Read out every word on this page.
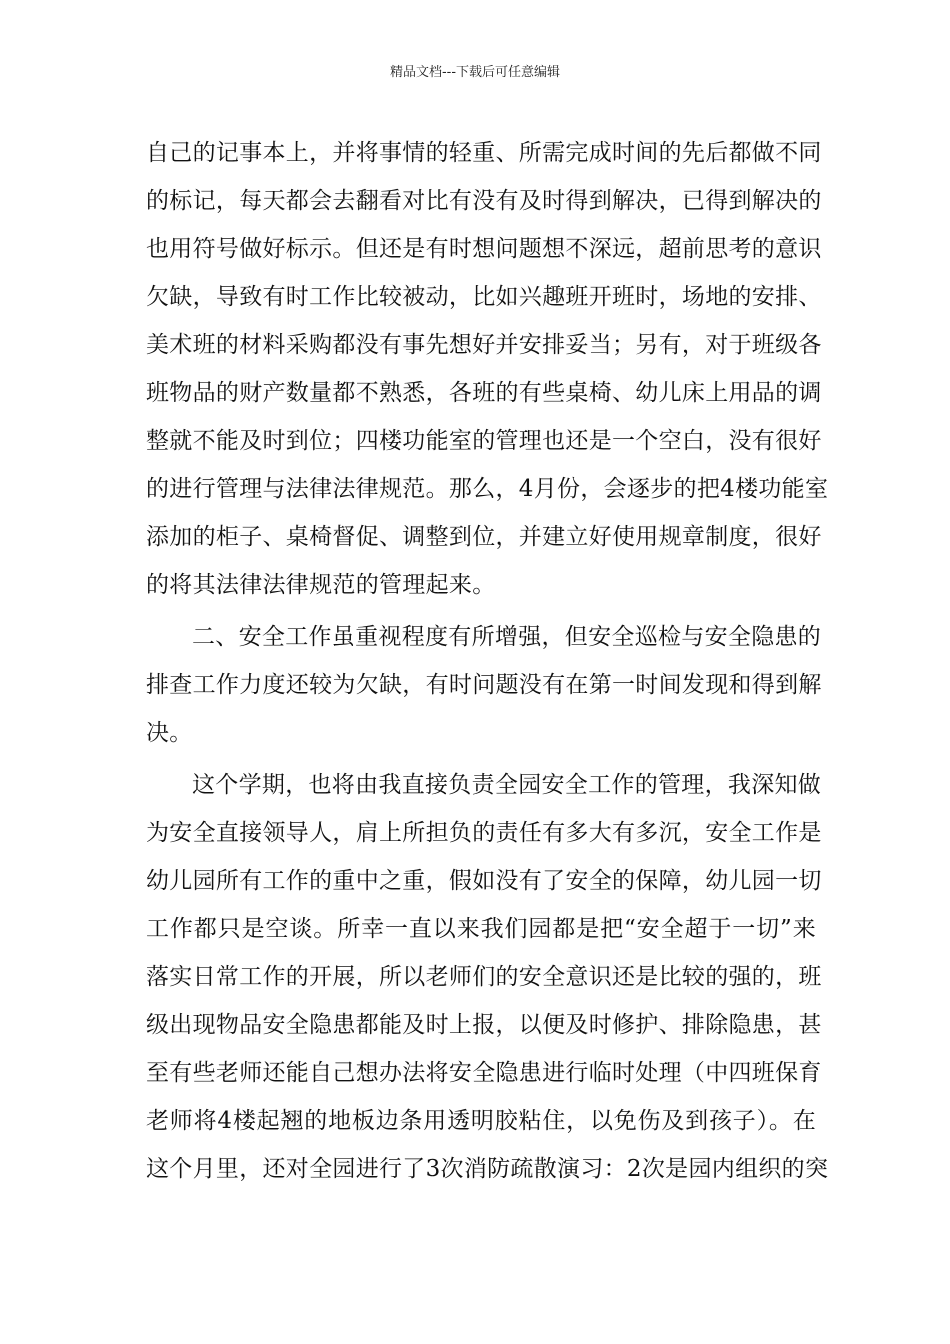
精品文档---下载后可任意编辑
自己的记事本上，并将事情的轻重、所需完成时间的先后都做不同
的标记，每天都会去翻看对比有没有及时得到解决，已得到解决的
也用符号做好标示。但还是有时想问题想不深远，超前思考的意识
欠缺，导致有时工作比较被动，比如兴趣班开班时，场地的安排、
美术班的材料采购都没有事先想好并安排妥当；另有，对于班级各
班物品的财产数量都不熟悉，各班的有些桌椅、幼儿床上用品的调
整就不能及时到位；四楼功能室的管理也还是一个空白，没有很好
的进行管理与法律法律规范。那么，4月份，会逐步的把4楼功能室
添加的柜子、桌椅督促、调整到位，并建立好使用规章制度，很好
的将其法律法律规范的管理起来。
二、安全工作虽重视程度有所增强，但安全巡检与安全隐患的
排查工作力度还较为欠缺，有时问题没有在第一时间发现和得到解
决。
这个学期，也将由我直接负责全园安全工作的管理，我深知做
为安全直接领导人，肩上所担负的责任有多大有多沉，安全工作是
幼儿园所有工作的重中之重，假如没有了安全的保障，幼儿园一切
工作都只是空谈。所幸一直以来我们园都是把“安全超于一切”来
落实日常工作的开展，所以老师们的安全意识还是比较的强的，班
级出现物品安全隐患都能及时上报，以便及时修护、排除隐患，甚
至有些老师还能自己想办法将安全隐患进行临时处理（中四班保育
老师将4楼起翘的地板边条用透明胶粘住，以免伤及到孩子）。在
这个月里，还对全园进行了3次消防疏散演习：2次是园内组织的突
